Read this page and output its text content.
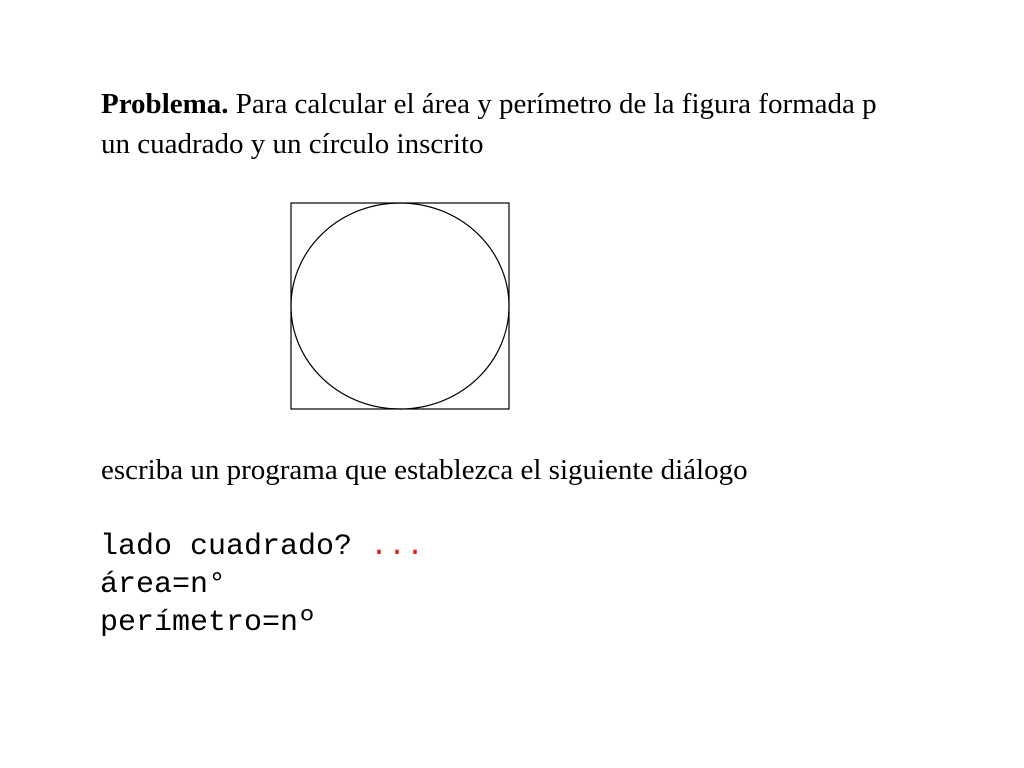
Problema. Para calcular el área y perímetro de la figura formada p
un cuadrado y un círculo inscrito

escriba un programa que establezca el siguiente diálogo

lado cuadrado? ...
área=n°
perímetro=nº
